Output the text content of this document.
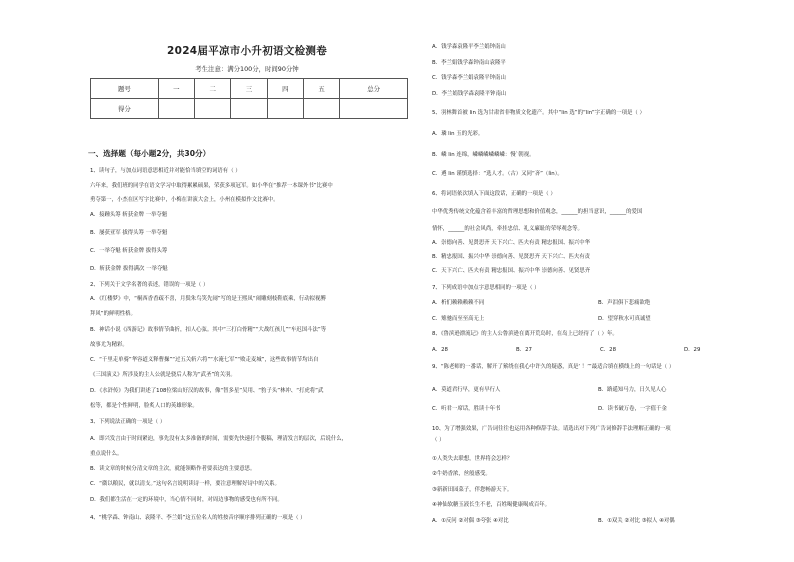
2024届平凉市小升初语文检测卷
考生注意：满分100分，时间90分钟
题号	一	二	三	四	五	总分
得分						
一、选择题（每小题2分，共30分）
1、读句子，与加点词语意思相近并对能恰当填空的词语有（ ）
六年来，我们班的同学在语文学习中取得累累硕果，荣获多项冠军。如小华在“推荐一本课外书”比赛中
勇夺第一，小杰在区写字比赛中，小梅在讲演大会上，小州在模拟作文比赛中。
A．接踵头筹 斩获金牌 一举夺魁
B．屡获亚军 拔得头筹 一举夺魁
C．一举夺魁 斩获金牌 拔得头筹
D．斩获金牌 拔得满次 一举夺魁
2、下列关于文学名著的表述，错误的一项是（ ）
A．《红楼梦》中，“桐西香香疏不喜，月鬓朱鸟笑先闹”写的是王熙凤“闹雕刻枝鞋底乘，行动拟视膊
拜风”的鲜明性格。
B．神话小说《西游记》故事情节曲折，扣人心弦。其中“三打白骨精”“大战红孩儿”“车迟国斗法”等
故事尤为精彩。
C．“千里走单骑”华容道义释曹操”“过五关斩六将”“水淹七军”“败走麦城”，这些故事情节均出自
《三国演义》所涉及的主人公就是骁后人称为“武圣”的关羽。
D．《水浒传》为我们讲述了108位梁山好汉的故事，像“智多星”吴用、“豹子头”林冲、“打虎将”武
松等，都是个性鲜明，脸炙人口的英雄形象。
3、下列说法正确的一项是（ ）
A．即兴发言由于时间紧迫，事先没有太多准备的时间，需要先快速打个腹稿，理清发言的层次，后说什么，
重点说什么。
B．读文章的时候分清文章的主次，就能领略作者要表达的主要意思。
C．“衞以粮民，就以清支。”这句名言说明读诗一样，要注意理解好诗中的关系。
D．我们都生活在一定的环境中，当心情不同时，对周边事物的感受也有所不同。
4、“桃学森、钟南山、袁隆平、李兰娟”这五位名人的姓按音序顺序排列正确的一项是（ ）
A．钱学森袁隆平李兰娟钟南山
B．李兰娟钱学森钟南山袁隆平
C．钱学森李兰娟袁隆平钟南山
D．李兰娟钱学森袁隆平钟南山
5、羽林舞首被 lin 选为甘肃省非物质文化遗产。其中“lin 选”的“lin”字正确的一项是（ ）
A．璘 lin 玉的光彩。
B．嶙 lin 连绵，嶙嶙嶙嶙嶙嶙：慢`朝视。
C．遴 lin 谨慎选择：“选人才。（古）又同“吝”（lìn）。
6、将词语依次填入下面这段话，正确的一项是（ ）
中华优秀传统文化蕴含着丰富的哲理思想和价值观念，______的担当意识，______的爱国
情怀，______的社会风尚，牵挂忠信、礼义廉耻的荣辱观念等。
A．崇德向善、见贤思齐 天下兴亡、匹夫有责 精忠报国、振兴中华
B．精忠报国、振兴中华 崇德向善、见贤思齐 天下兴亡、匹夫有责
C．天下兴亡、匹夫有责 精忠报国、振兴中华 崇德向善、见贤思齐
7、下列成语中加点字意思相同的一项是（ ）
A．析们赖赖赖赖不同
C．雉驰而至至高无上
8、《鲁滨逊漂流记》的主人公鲁滨逊在离开荒岛时，在岛上已经待了（ ）年。
9、“陈老师的一番话，解开了萦绕在我心中许久的疑惑，真是‘ ！’”最适合填在横线上的一句话是（ ）
10、为了增强效果，广告词往往也运用各种修辞手法。请选出对下列广告词修辞手法理解正确的一项
（ ）
①人类失去联想，世界将会怎样？
②牛奶香浓，丝般感受。
③新新田园菜子，伴您畅游天下。
④神仙软糖玉液长生不老，百姓喝健康喝成百年。
B．声泪俱下悲痛欲绝
D．望穿秋水可真诚望
A．28	B．27	C．28	D．29
A．莫道君行早，更有早行人	B．路遥知马力，日久见人心
C．听君一席话，胜读十年书	D．读书破万卷，一字值千金
A．①反问 ②对偶 ③夸张 ④对比	B．①双关 ②对比 ③拟人 ④对偶
